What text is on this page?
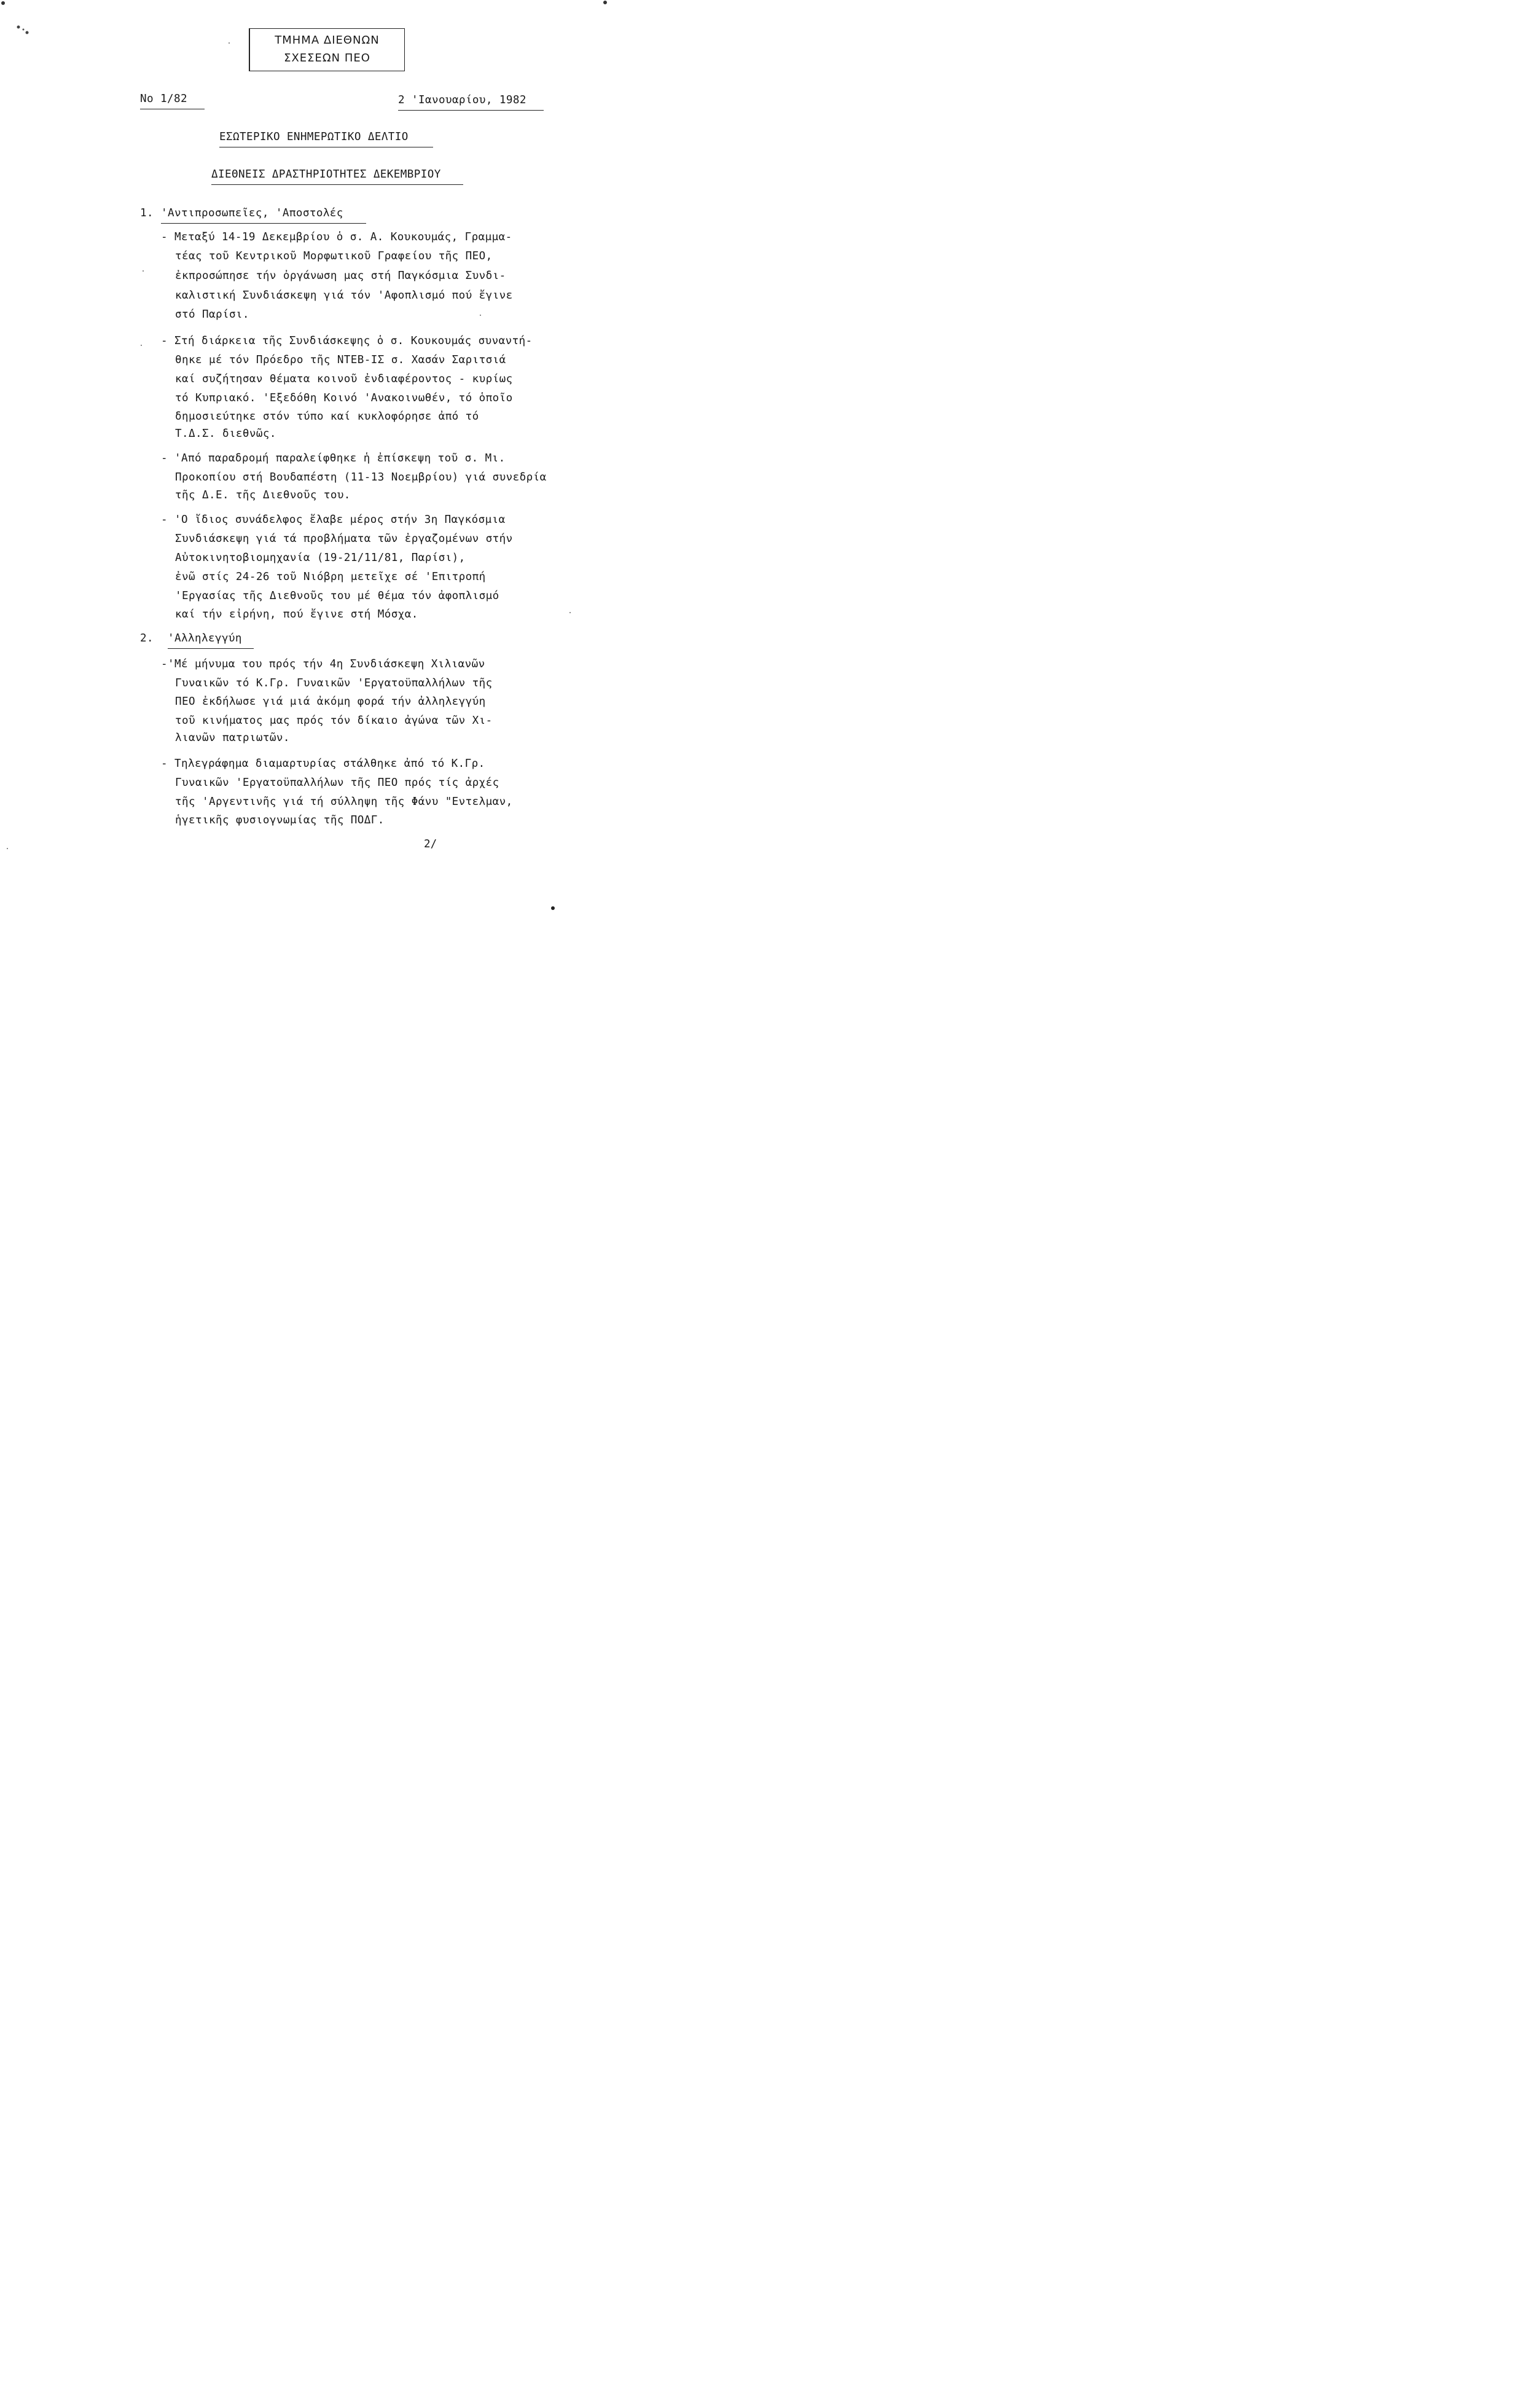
ΤΜΗΜΑ ΔΙΕΘΝΩΝ
ΣΧΕΣΕΩΝ ΠΕΟ
No 1/82	2 'Ιανουαρίου, 1982
ΕΣΩΤΕΡΙΚΟ ΕΝΗΜΕΡΩΤΙΚΟ ΔΕΛΤΙΟ
ΔΙΕΘΝΕΙΣ ΔΡΑΣΤΗΡΙΟΤΗΤΕΣ ΔΕΚΕΜΒΡΙΟΥ
1. 'Αντιπροσωπεῖες, 'Αποστολές
- Μεταξύ 14-19 Δεκεμβρίου ὁ σ. Α. Κουκουμάς, Γραμμα-
τέας τοῦ Κεντρικοῦ Μορφωτικοῦ Γραφείου τῆς ΠΕΟ,
ἐκπροσώπησε τήν ὀργάνωση μας στή Παγκόσμια Συνδι-
καλιστική Συνδιάσκεψη γιά τόν 'Αφοπλισμό πού ἔγινε
στό Παρίσι.
- Στή διάρκεια τῆς Συνδιάσκεψης ὁ σ. Κουκουμάς συναντή-
θηκε μέ τόν Πρόεδρο τῆς ΝΤΕΒ-ΙΣ σ. Χασάν Σαριτσιά
καί συζήτησαν θέματα κοινοῦ ἐνδιαφέροντος - κυρίως
τό Κυπριακό. 'Εξεδόθη Κοινό 'Ανακοινωθέν, τό ὁποῖο
δημοσιεύτηκε στόν τύπο καί κυκλοφόρησε ἀπό τό
Τ.Δ.Σ. διεθνῶς.
- 'Από παραδρομή παραλείφθηκε ἡ ἐπίσκεψη τοῦ σ. Μι.
Προκοπίου στή Βουδαπέστη (11-13 Νοεμβρίου) γιά συνεδρία
τῆς Δ.Ε. τῆς Διεθνοῦς του.
- 'Ο ἴδιος συνάδελφος ἔλαβε μέρος στήν 3η Παγκόσμια
Συνδιάσκεψη γιά τά προβλήματα τῶν ἐργαζομένων στήν
Αὐτοκινητοβιομηχανία (19-21/11/81, Παρίσι),
ἐνῶ στίς 24-26 τοῦ Νιόβρη μετεῖχε σέ 'Επιτροπή
'Εργασίας τῆς Διεθνοῦς του μέ θέμα τόν ἀφοπλισμό
καί τήν εἰρήνη, πού ἔγινε στή Μόσχα.
2. 'Αλληλεγγύη
-'Μέ μήνυμα του πρός τήν 4η Συνδιάσκεψη Χιλιανῶν
Γυναικῶν τό Κ.Γρ. Γυναικῶν 'Εργατοϋπαλλήλων τῆς
ΠΕΟ ἐκδήλωσε γιά μιά ἀκόμη φορά τήν ἀλληλεγγύη
τοῦ κινήματος μας πρός τόν δίκαιο ἀγώνα τῶν Χι-
λιανῶν πατριωτῶν.
- Τηλεγράφημα διαμαρτυρίας στάλθηκε ἀπό τό Κ.Γρ.
Γυναικῶν 'Εργατοϋπαλλήλων τῆς ΠΕΟ πρός τίς ἀρχές
τῆς 'Αργεντινῆς γιά τή σύλληψη τῆς Φάνυ "Εντελμαν,
ἡγετικῆς φυσιογνωμίας τῆς ΠΟΔΓ.
2/
